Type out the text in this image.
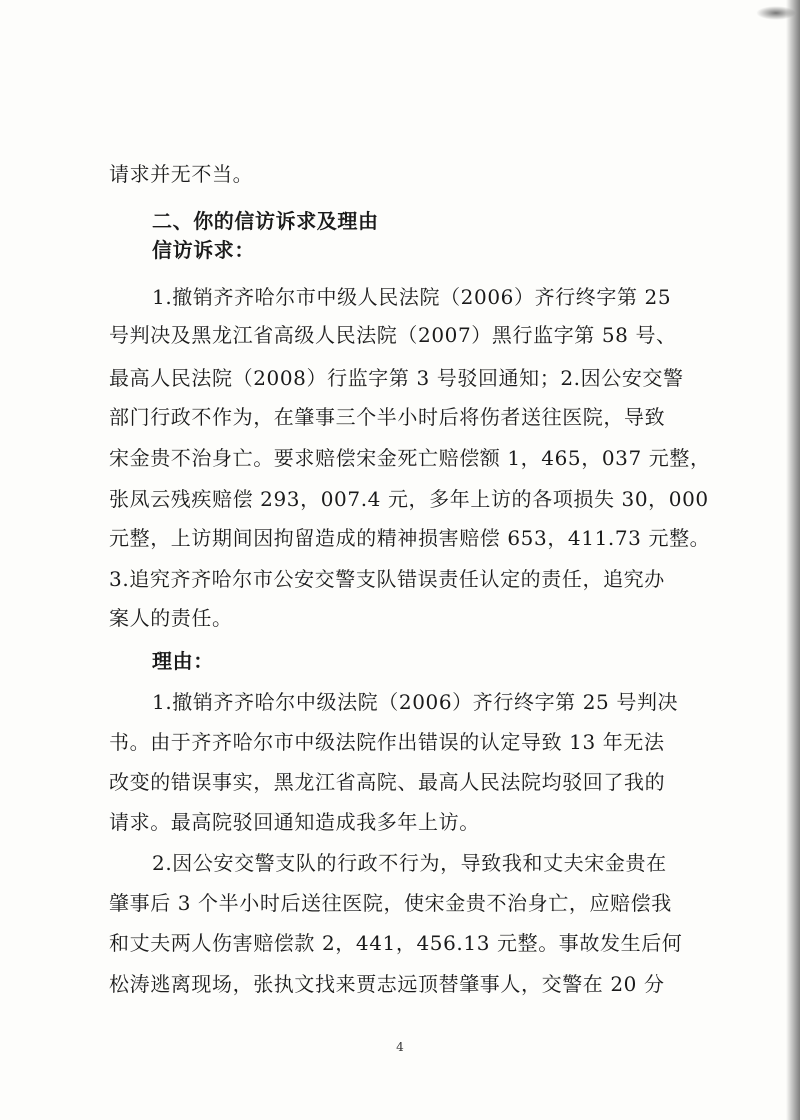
请求并无不当。
二、你的信访诉求及理由
信访诉求：
1.撤销齐齐哈尔市中级人民法院（2006）齐行终字第 25
号判决及黑龙江省高级人民法院（2007）黑行监字第 58 号、
最高人民法院（2008）行监字第 3 号驳回通知；2.因公安交警
部门行政不作为，在肇事三个半小时后将伤者送往医院，导致
宋金贵不治身亡。要求赔偿宋金死亡赔偿额 1，465，037 元整，
张凤云残疾赔偿 293，007.4 元，多年上访的各项损失 30，000
元整，上访期间因拘留造成的精神损害赔偿 653，411.73 元整。
3.追究齐齐哈尔市公安交警支队错误责任认定的责任，追究办
案人的责任。
理由：
1.撤销齐齐哈尔中级法院（2006）齐行终字第 25 号判决
书。由于齐齐哈尔市中级法院作出错误的认定导致 13 年无法
改变的错误事实，黑龙江省高院、最高人民法院均驳回了我的
请求。最高院驳回通知造成我多年上访。
2.因公安交警支队的行政不行为，导致我和丈夫宋金贵在
肇事后 3 个半小时后送往医院，使宋金贵不治身亡，应赔偿我
和丈夫两人伤害赔偿款 2，441，456.13 元整。事故发生后何
松涛逃离现场，张执文找来贾志远顶替肇事人，交警在 20 分
4
